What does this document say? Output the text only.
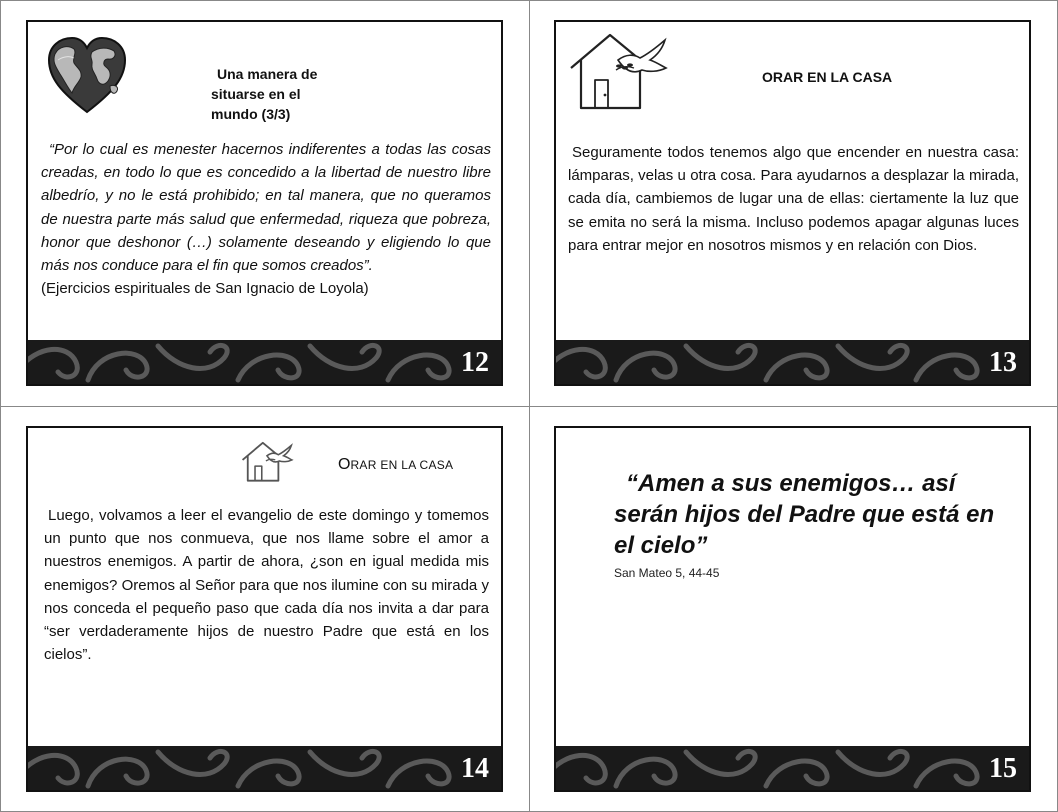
Una manera de
situarse en el
mundo (3/3)
“Por lo cual es menester hacernos indiferentes a todas las cosas creadas, en todo lo que es concedido a la libertad de nuestro libre albedrío, y no le está prohibido; en tal manera, que no queramos de nuestra parte más salud que enfermedad, riqueza que pobreza, honor que deshonor (…) solamente deseando y eligiendo lo que más nos conduce para el fin que somos creados”.
(Ejercicios espirituales de San Ignacio de Loyola)
12
ORAR EN LA CASA
Seguramente todos tenemos algo que encender en nuestra casa: lámparas, velas u otra cosa. Para ayudarnos a desplazar la mirada, cada día, cambiemos de lugar una de ellas: ciertamente la luz que se emita no será la misma. Incluso podemos apagar algunas luces para entrar mejor en nosotros mismos y en relación con Dios.
13
ORAR EN LA CASA
Luego, volvamos a leer el evangelio de este domingo y tomemos un punto que nos conmueva, que nos llame sobre el amor a nuestros enemigos. A partir de ahora, ¿son en igual medida mis enemigos? Oremos al Señor para que nos ilumine con su mirada y nos conceda el pequeño paso que cada día nos invita a dar para “ser verdaderamente hijos de nuestro Padre que está en los cielos”.
14
“Amen a sus enemigos… así
serán hijos del Padre que está en
el cielo”
San Mateo 5, 44-45
15
